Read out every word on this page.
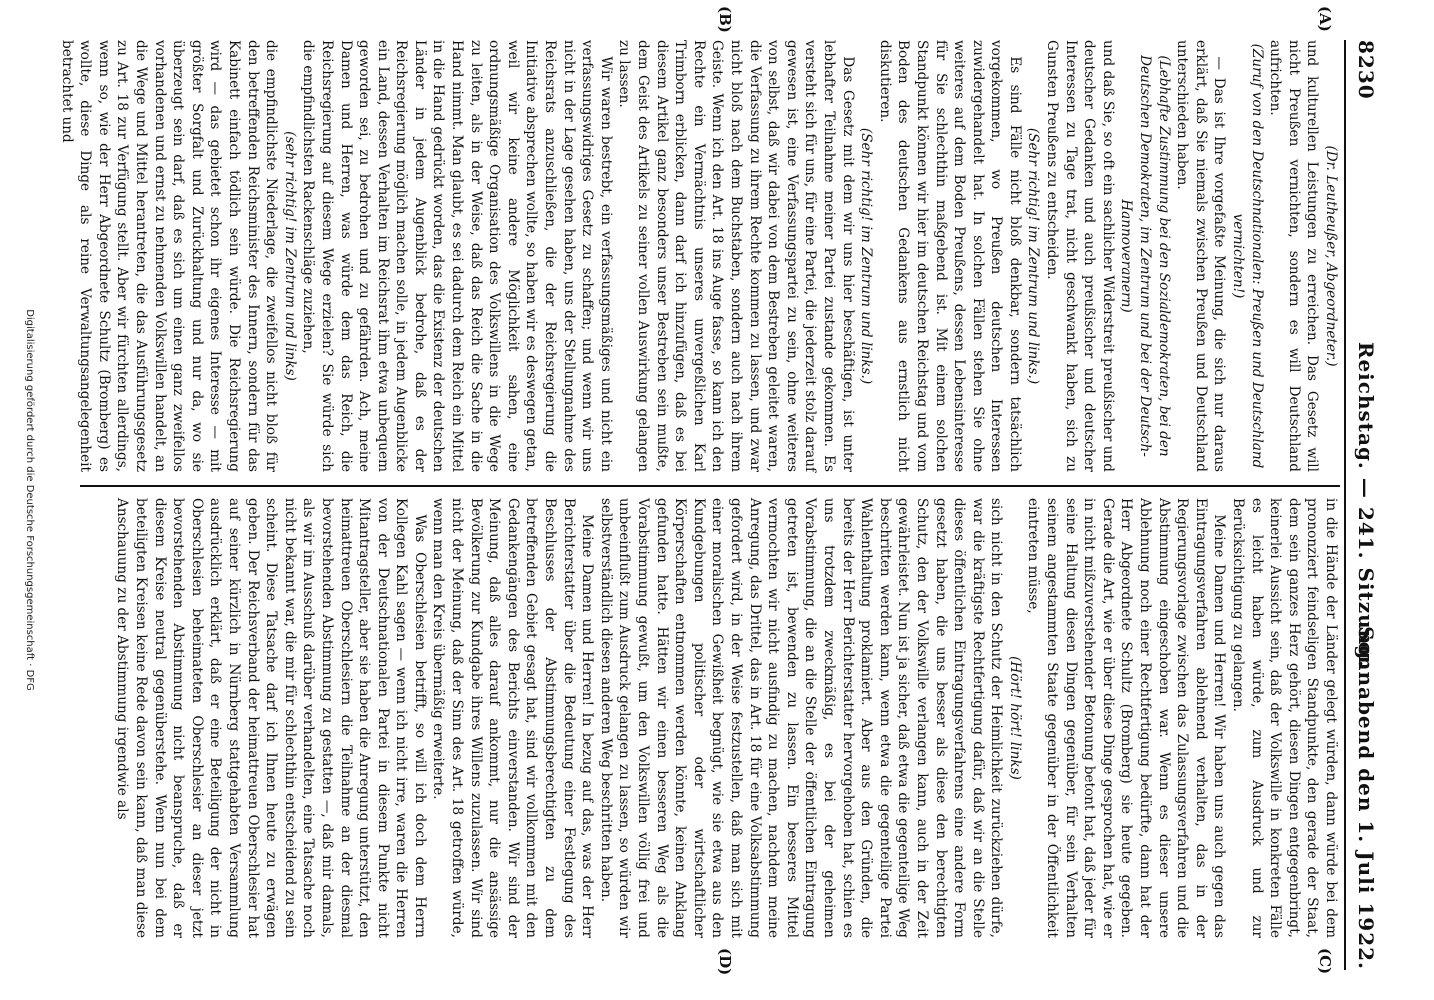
8230
Reichstag. — 241. Sitzung.
Sonnabend den 1. Juli 1922.
(A)
(B)
(C)
(D)

(Dr. Leutheußer, Abgeordneter.)

und kulturellen Leistungen zu erreichen. Das Gesetz will nicht Preußen vernichten, sondern es will Deutschland aufrichten.

(Zuruf von den Deutschnationalen: Preußen und Deutschland vernichten!)

— Das ist Ihre vorgefaßte Meinung, die sich nur daraus erklärt, daß Sie niemals zwischen Preußen und Deutschland unterschieden haben.

(Lebhafte Zustimmung bei den Sozialdemokraten, bei den Deutschen Demokraten, im Zentrum und bei der Deutsch-Hannoveranern)

und daß Sie, so oft ein sachlicher Widerstreit preußischer und deutscher Gedanken und auch preußischer und deutscher Interessen zu Tage trat, nicht geschwankt haben, sich zu Gunsten Preußens zu entscheiden.

(Sehr richtig! im Zentrum und links.)

Es sind Fälle nicht bloß denkbar, sondern tatsächlich vorgekommen, wo Preußen deutschen Interessen zuwidergehandelt hat. In solchen Fällen stehen Sie ohne weiteres auf dem Boden Preußens, dessen Lebensinteresse für Sie schlechthin maßgebend ist. Mit einem solchen Standpunkt können wir hier im deutschen Reichstag und vom Boden des deutschen Gedankens aus ernstlich nicht diskutieren.

(Sehr richtig! im Zentrum und links.)

Das Gesetz mit dem wir uns hier beschäftigen, ist unter lebhafter Teilnahme meiner Partei zustande gekommen. Es versteht sich für uns, für eine Partei, die jederzeit stolz darauf gewesen ist, eine Verfassungspartei zu sein, ohne weiteres von selbst, daß wir dabei von dem Bestreben geleitet waren, die Verfassung zu ihrem Rechte kommen zu lassen, und zwar nicht bloß nach dem Buchstaben, sondern auch nach ihrem Geiste. Wenn ich den Art. 18 ins Auge fasse, so kann ich den Rechte ein Vermächtnis unseres unvergeßlichen Karl Trimborn erblicken, dann darf ich hinzufügen, daß es bei diesem Artikel ganz besonders unser Bestreben sein mußte, dem Geist des Artikels zu seiner vollen Auswirkung gelangen zu lassen.

Wir waren bestrebt, ein verfassungsmäßiges und nicht ein verfassungswidriges Gesetz zu schaffen; und wenn wir uns nicht in der Lage gesehen haben, uns der Stellungnahme des Reichsrats anzuschließen, die der Reichsregierung die Initiative absprechen wollte, so haben wir es deswegen getan, weil wir keine andere Möglichkeit sahen, eine ordnungsmäßige Organisation des Volkswillens in die Wege zu leiten, als in der Weise, daß das Reich die Sache in die Hand nimmt. Man glaubt, es sei dadurch dem Reich ein Mittel in die Hand gedrückt worden, das die Existenz der deutschen Länder in jedem Augenblick bedrohe, daß es der Reichsregierung möglich machen solle, in jedem Augenblicke ein Land, dessen Verhalten im Reichsrat ihm etwa unbequem geworden sei, zu bedrohen und zu gefährden. Ach, meine Damen und Herren, was würde dem das Reich, die Reichsregierung auf diesem Wege erzielen? Sie würde sich die empfindlichsten Rackenschläge zuziehen,

(sehr richtig! im Zentrum und links)

die empfindlichste Niederlage, die zweifellos nicht bloß für den betreffenden Reichsminister des Innern, sondern für das Kabinett einfach tödlich sein würde. Die Reichsregierung wird — das gebietet schon ihr eigenes Interesse — mit größter Sorgfalt und Zurückhaltung und nur da, wo sie überzeugt sein darf, daß es sich um einen ganz zweifellos vorhandenen und ernst zu nehmenden Volkswillen handelt, an die Wege und Mittel herantreten, die das Ausführungsgesetz zu Art. 18 zur Verfügung stellt. Aber wir fürchten allerdings, wenn so, wie der Herr Abgeordnete Schultz (Bromberg) es wollte, diese Dinge als reine Verwaltungsangelegenheit betrachtet und

in die Hände der Länder gelegt würden, dann würde bei dem prononziert feindseligen Standpunkte, den gerade der Staat, dem sein ganzes Herz gehört, diesen Dingen entgegenbringt, keinerlei Aussicht sein, daß der Volkswille in konkreten Fälle es leicht haben würde, zum Ausdruck und zur Berücksichtigung zu gelangen.

Meine Damen und Herren! Wir haben uns auch gegen das Eintragungsverfahren ablehnend verhalten, das in der Regierungsvorlage zwischen das Zulassungsverfahren und die Abstimmung eingeschoben war. Wenn es dieser unsere Ablehnung noch einer Rechtfertigung bedürfte, dann hat der Herr Abgeordnete Schultz (Bromberg) sie heute gegeben. Gerade die Art, wie er über diese Dinge gesprochen hat, wie er in nicht mißzuverstehender Betonung betont hat, daß jeder für seine Haltung diesen Dingen gegenüber, für sein Verhalten seinem angestammten Staate gegenüber in der Öffentlichkeit eintreten müsse,

(Hört! hört! links)

sich nicht in den Schutz der Heimlichkeit zurückziehen dürfe, war die kräftigste Rechtfertigung dafür, daß wir an die Stelle dieses öffentlichen Eintragungsverfahrens eine andere Form gesetzt haben, die uns besser als diese den berechtigten Schutz, den der Volkswille verlangen kann, auch in der Zeit gewährleistet. Nun ist ja sicher, daß etwa die gegenteilige Weg beschritten werden kann, wenn etwa die gegenteilige Partei Wahlenthaltung proklamiert. Aber aus den Gründen, die bereits der Herr Berichterstatter hervorgehoben hat, schien es uns trotzdem zweckmäßig, es bei der geheimen Vorabstimmung, die an die Stelle der öffentlichen Eintragung getreten ist, bewenden zu lassen. Ein besseres Mittel vermochten wir nicht ausfindig zu machen, nachdem meine Anregung, das Drittel, das in Art. 18 für eine Volksabstimmung gefordert wird, in der Weise festzustellen, daß man sich mit einer moralischen Gewißheit begnügt, wie sie etwa aus den Kundgebungen politischer oder wirtschaftlicher Körperschaften entnommen werden könnte, keinen Anklang gefunden hatte. Hätten wir einen besseren Weg als die Vorabstimmung gewußt, um den Volkswillen völlig frei und unbeeinflußt zum Ausdruck gelangen zu lassen, so würden wir selbstverständlich diesen anderen Weg beschritten haben.

Meine Damen und Herren! In bezug auf das, was der Herr Berichterstatter über die Bedeutung einer Festlegung des Beschlusses der Abstimmungsberechtigten zu dem betreffenden Gebiet gesagt hat, sind wir vollkommen mit den Gedankengängen des Berichts einverstanden. Wir sind der Meinung, daß alles darauf ankommt, nur die ansässige Bevölkerung zur Kundgabe ihres Willens zuzulassen. Wir sind nicht der Meinung, daß der Sinn des Art. 18 getroffen würde, wenn man den Kreis übermäßig erweiterte.

Was Oberschlesien betrifft, so will ich doch dem Herrn Kollegen Kahl sagen — wenn ich nicht irre, waren die Herren von der Deutschnationalen Partei in diesem Punkte nicht Mitantragsteller, aber sie haben die Anregung unterstützt, den heimattreuen Oberschlesiern die Teilnahme an der diesmal bevorstehenden Abstimmung zu gestatten —, daß mir damals, als wir im Ausschuß darüber verhandelten, eine Tatsache noch nicht bekannt war, die mir für schlechthin entscheidend zu sein scheint. Diese Tatsache darf ich Ihnen heute zu erwägen geben. Der Reichsverband der heimattreuen Oberschlesier hat auf seiner kürzlich in Nürnberg stattgehabten Versammlung ausdrücklich erklärt, daß er eine Beteiligung der nicht in Oberschlesien beheimateten Oberschlesier an dieser jetzt bevorstehenden Abstimmung nicht beanspruche, daß er diesem Kreise neutral gegenüberstehe. Wenn nun bei dem beteiligten Kreisen keine Rede davon sein kann, daß man diese Anschauung zu der Abstimmung irgendwie als

Digitalisierung gefördert durch die Deutsche Forschungsgemeinschaft · DFG
